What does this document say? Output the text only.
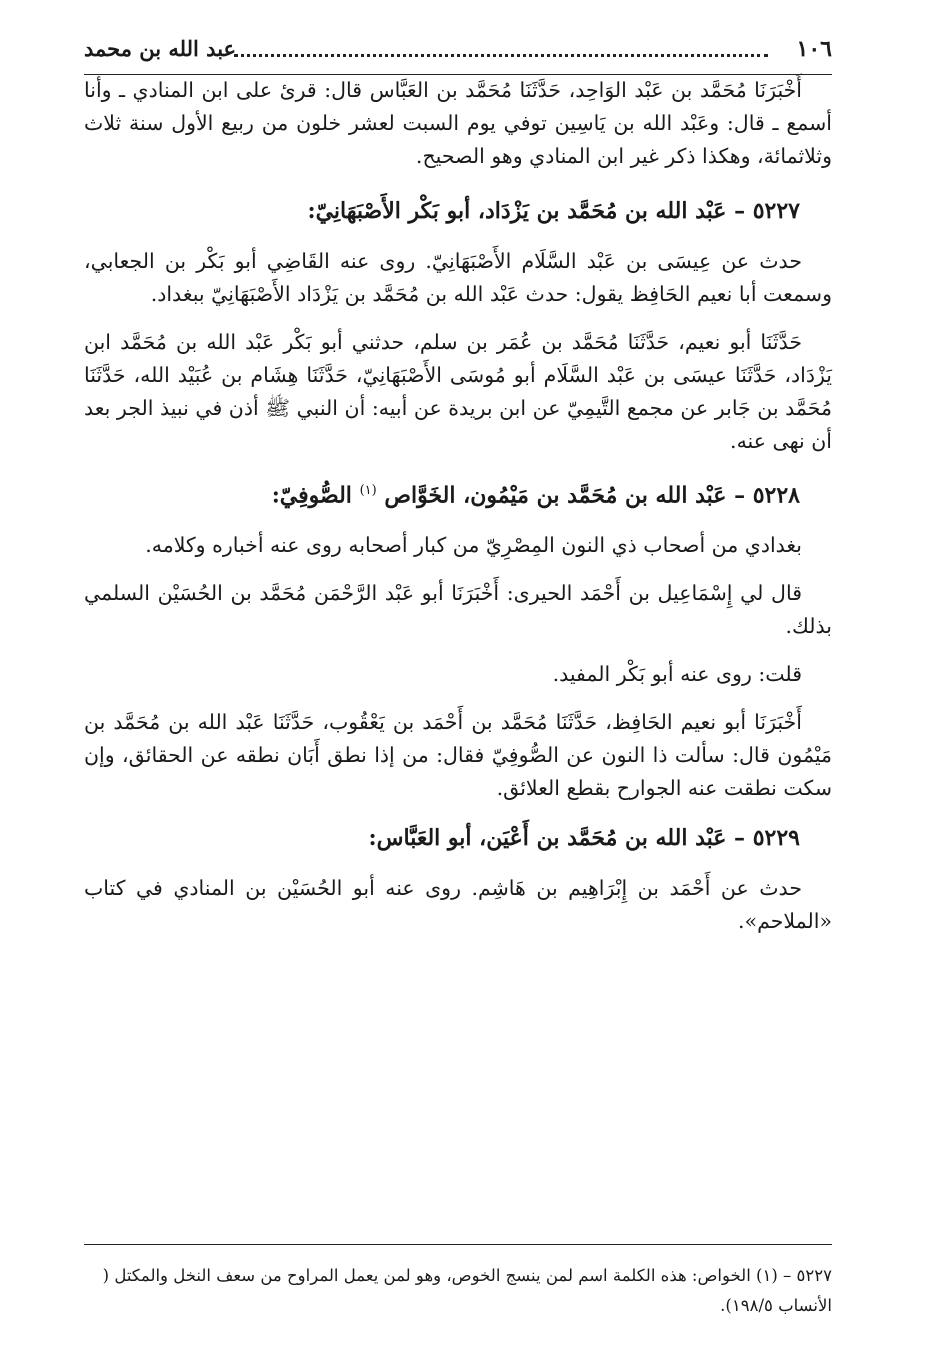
١٠٦
عبد الله بن محمد

أَخْبَرَنَا مُحَمَّد بن عَبْد الوَاحِد، حَدَّثَنَا مُحَمَّد بن العَبَّاس قال: قرئ على ابن المنادي ـ وأنا أسمع ـ قال: وعَبْد الله بن يَاسِين توفي يوم السبت لعشر خلون من ربيع الأول سنة ثلاث وثلاثمائة، وهكذا ذكر غير ابن المنادي وهو الصحيح.

٥٢٢٧ – عَبْد الله بن مُحَمَّد بن يَزْدَاد، أبو بَكْر الأَصْبَهَانِيّ:

حدث عن عِيسَى بن عَبْد السَّلَام الأَصْبَهَانِيّ. روى عنه القَاضِي أبو بَكْر بن الجعابي، وسمعت أبا نعيم الحَافِظ يقول: حدث عَبْد الله بن مُحَمَّد بن يَزْدَاد الأَصْبَهَانِيّ ببغداد.

حَدَّثَنَا أبو نعيم، حَدَّثَنَا مُحَمَّد بن عُمَر بن سلم، حدثني أبو بَكْر عَبْد الله بن مُحَمَّد ابن يَزْدَاد، حَدَّثَنَا عيسَى بن عَبْد السَّلَام أبو مُوسَى الأَصْبَهَانِيّ، حَدَّثَنَا هِشَام بن عُبَيْد الله، حَدَّثَنَا مُحَمَّد بن جَابر عن مجمع التَّيمِيّ عن ابن بريدة عن أبيه: أن النبي ﷺ أذن في نبيذ الجر بعد أن نهى عنه.

٥٢٢٨ – عَبْد الله بن مُحَمَّد بن مَيْمُون، الخَوَّاص $^{(١)}$ الصُّوفِيّ:

بغدادي من أصحاب ذي النون المِصْرِيّ من كبار أصحابه روى عنه أخباره وكلامه.

قال لي إِسْمَاعِيل بن أَحْمَد الحيرى: أَخْبَرَنَا أبو عَبْد الرَّحْمَن مُحَمَّد بن الحُسَيْن السلمي بذلك.

قلت: روى عنه أبو بَكْر المفيد.

أَخْبَرَنَا أبو نعيم الحَافِظ، حَدَّثَنَا مُحَمَّد بن أَحْمَد بن يَعْقُوب، حَدَّثَنَا عَبْد الله بن مُحَمَّد بن مَيْمُون قال: سألت ذا النون عن الصُّوفِيّ فقال: من إذا نطق أَبَان نطقه عن الحقائق، وإن سكت نطقت عنه الجوارح بقطع العلائق.

٥٢٢٩ – عَبْد الله بن مُحَمَّد بن أَعْيَن، أبو العَبَّاس:

حدث عن أَحْمَد بن إِبْرَاهِيم بن هَاشِم. روى عنه أبو الحُسَيْن بن المنادي في كتاب «الملاحم».

٥٢٢٧ – (١) الخواص: هذه الكلمة اسم لمن ينسج الخوص، وهو لمن يعمل المراوح من سعف النخل والمكتل ( الأنساب ١٩٨/٥).
